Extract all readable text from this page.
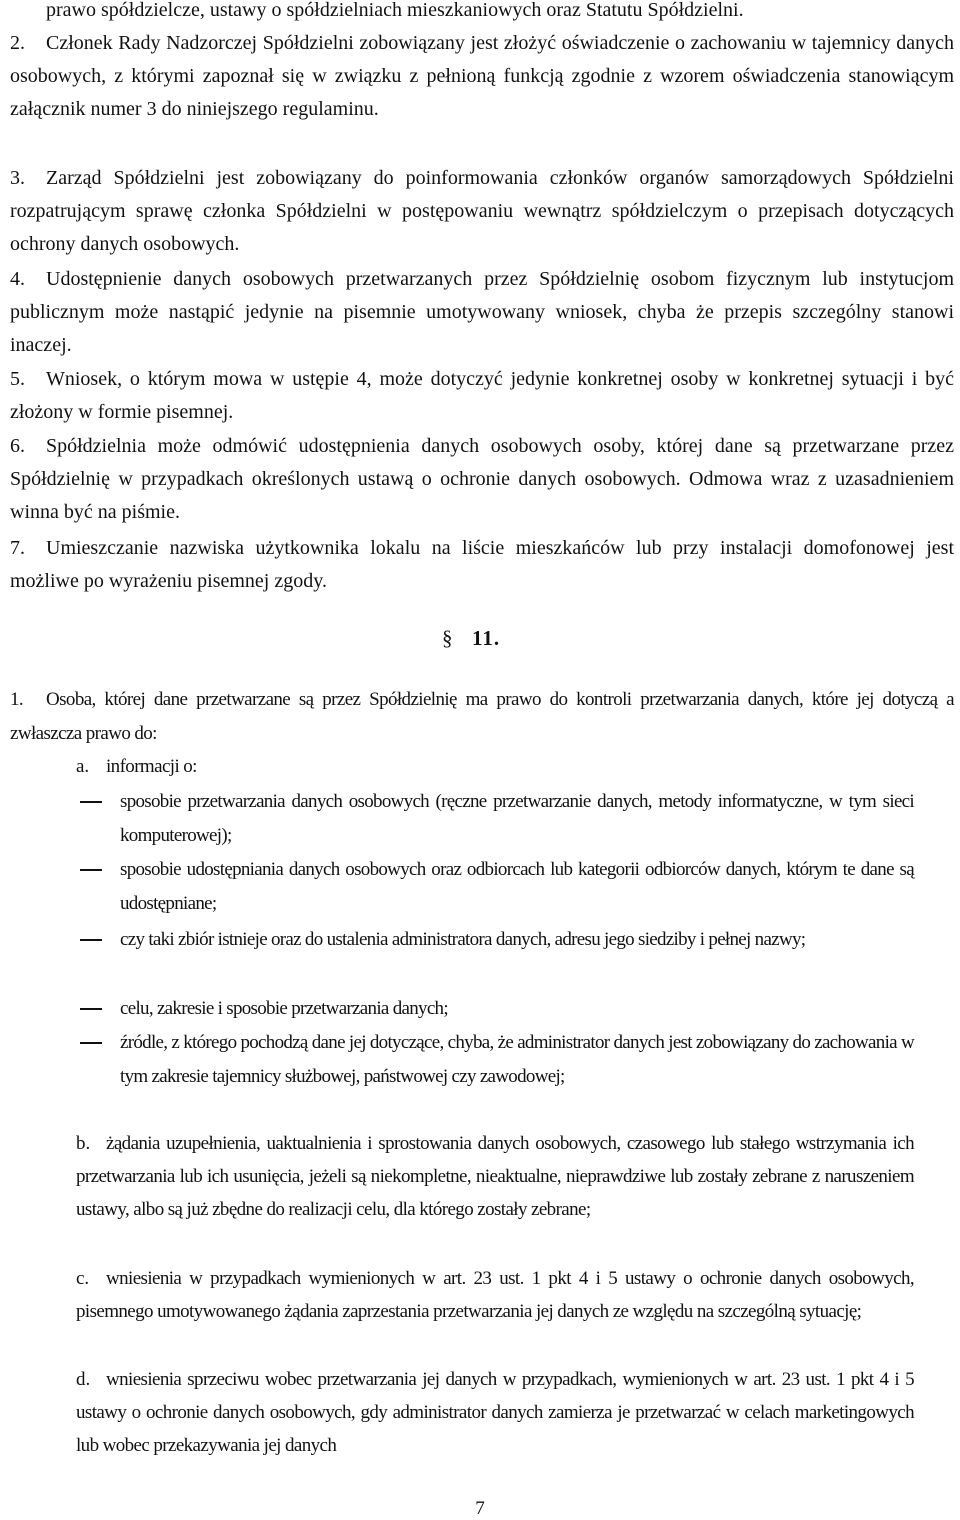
prawo spółdzielcze, ustawy o spółdzielniach mieszkaniowych oraz Statutu Spółdzielni.
2. Członek Rady Nadzorczej Spółdzielni zobowiązany jest złożyć oświadczenie o zachowaniu w tajemnicy danych osobowych, z którymi zapoznał się w związku z pełnioną funkcją zgodnie z wzorem oświadczenia stanowiącym załącznik numer 3 do niniejszego regulaminu.
3. Zarząd Spółdzielni jest zobowiązany do poinformowania członków organów samorządowych Spółdzielni rozpatrującym sprawę członka Spółdzielni w postępowaniu wewnątrz spółdzielczym o przepisach dotyczących ochrony danych osobowych.
4. Udostępnienie danych osobowych przetwarzanych przez Spółdzielnię osobom fizycznym lub instytucjom publicznym może nastąpić jedynie na pisemnie umotywowany wniosek, chyba że przepis szczególny stanowi inaczej.
5. Wniosek, o którym mowa w ustępie 4, może dotyczyć jedynie konkretnej osoby w konkretnej sytuacji i być złożony w formie pisemnej.
6. Spółdzielnia może odmówić udostępnienia danych osobowych osoby, której dane są przetwarzane przez Spółdzielnię w przypadkach określonych ustawą o ochronie danych osobowych. Odmowa wraz z uzasadnieniem winna być na piśmie.
7. Umieszczanie nazwiska użytkownika lokalu na liście mieszkańców lub przy instalacji domofonowej jest możliwe po wyrażeniu pisemnej zgody.
§ 11.
1. Osoba, której dane przetwarzane są przez Spółdzielnię ma prawo do kontroli przetwarzania danych, które jej dotyczą a zwłaszcza prawo do:
a. informacji o:
sposobie przetwarzania danych osobowych (ręczne przetwarzanie danych, metody informatyczne, w tym sieci komputerowej);
sposobie udostępniania danych osobowych oraz odbiorcach lub kategorii odbiorców danych, którym te dane są udostępniane;
czy taki zbiór istnieje oraz do ustalenia administratora danych, adresu jego siedziby i pełnej nazwy;
celu, zakresie i sposobie przetwarzania danych;
źródle, z którego pochodzą dane jej dotyczące, chyba, że administrator danych jest zobowiązany do zachowania w tym zakresie tajemnicy służbowej, państwowej czy zawodowej;
b. żądania uzupełnienia, uaktualnienia i sprostowania danych osobowych, czasowego lub stałego wstrzymania ich przetwarzania lub ich usunięcia, jeżeli są niekompletne, nieaktualne, nieprawdziwe lub zostały zebrane z naruszeniem ustawy, albo są już zbędne do realizacji celu, dla którego zostały zebrane;
c. wniesienia w przypadkach wymienionych w art. 23 ust. 1 pkt 4 i 5 ustawy o ochronie danych osobowych, pisemnego umotywowanego żądania zaprzestania przetwarzania jej danych ze względu na szczególną sytuację;
d. wniesienia sprzeciwu wobec przetwarzania jej danych w przypadkach, wymienionych w art. 23 ust. 1 pkt 4 i 5 ustawy o ochronie danych osobowych, gdy administrator danych zamierza je przetwarzać w celach marketingowych lub wobec przekazywania jej danych
7
